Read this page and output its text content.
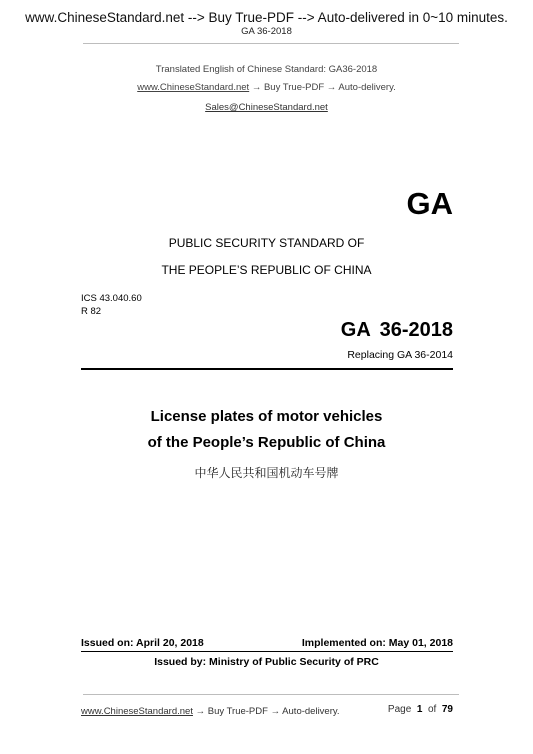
www.ChineseStandard.net --> Buy True-PDF --> Auto-delivered in 0~10 minutes.
GA 36-2018
Translated English of Chinese Standard: GA36-2018
www.ChineseStandard.net → Buy True-PDF → Auto-delivery.
Sales@ChineseStandard.net
GA
PUBLIC SECURITY STANDARD OF
THE PEOPLE’S REPUBLIC OF CHINA
ICS 43.040.60
R 82
GA 36-2018
Replacing GA 36-2014
License plates of motor vehicles
of the People’s Republic of China
中华人民共和国机动车号牌
Issued on: April 20, 2018	Implemented on: May 01, 2018
Issued by: Ministry of Public Security of PRC
www.ChineseStandard.net → Buy True-PDF → Auto-delivery.	Page 1 of 79
